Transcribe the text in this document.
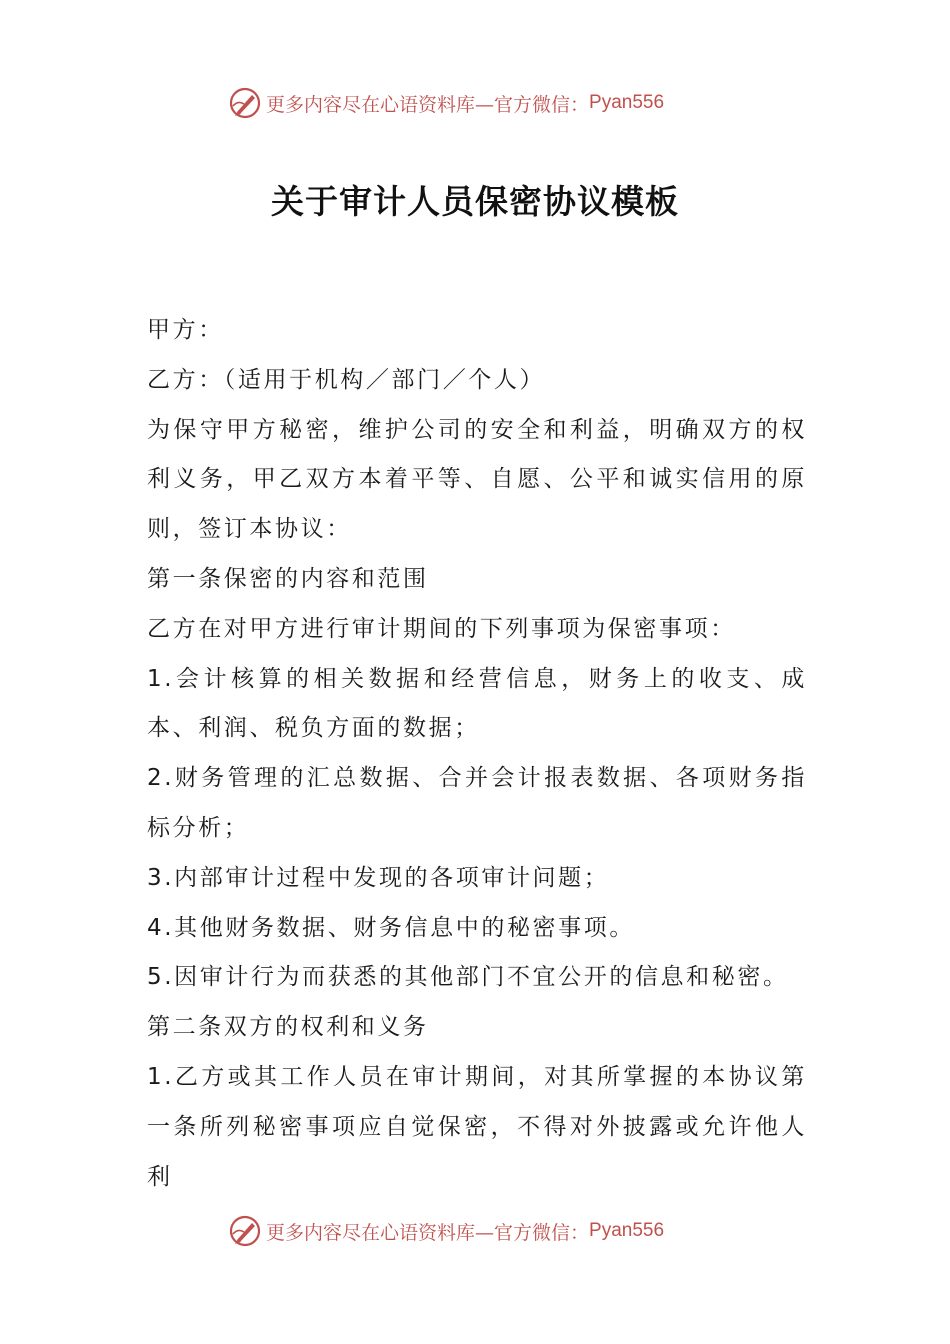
更多内容尽在心语资料库—官方微信： Pyan556
关于审计人员保密协议模板

甲方：

乙方：（适用于机构／部门／个人）

为保守甲方秘密，维护公司的安全和利益，明确双方的权利义务，甲乙双方本着平等、自愿、公平和诚实信用的原则，签订本协议：

第一条保密的内容和范围

乙方在对甲方进行审计期间的下列事项为保密事项：

1.会计核算的相关数据和经营信息，财务上的收支、成本、利润、税负方面的数据；

2.财务管理的汇总数据、合并会计报表数据、各项财务指标分析；

3.内部审计过程中发现的各项审计问题；

4.其他财务数据、财务信息中的秘密事项。

5.因审计行为而获悉的其他部门不宜公开的信息和秘密。

第二条双方的权利和义务

1.乙方或其工作人员在审计期间，对其所掌握的本协议第一条所列秘密事项应自觉保密，不得对外披露或允许他人利

更多内容尽在心语资料库—官方微信： Pyan556
